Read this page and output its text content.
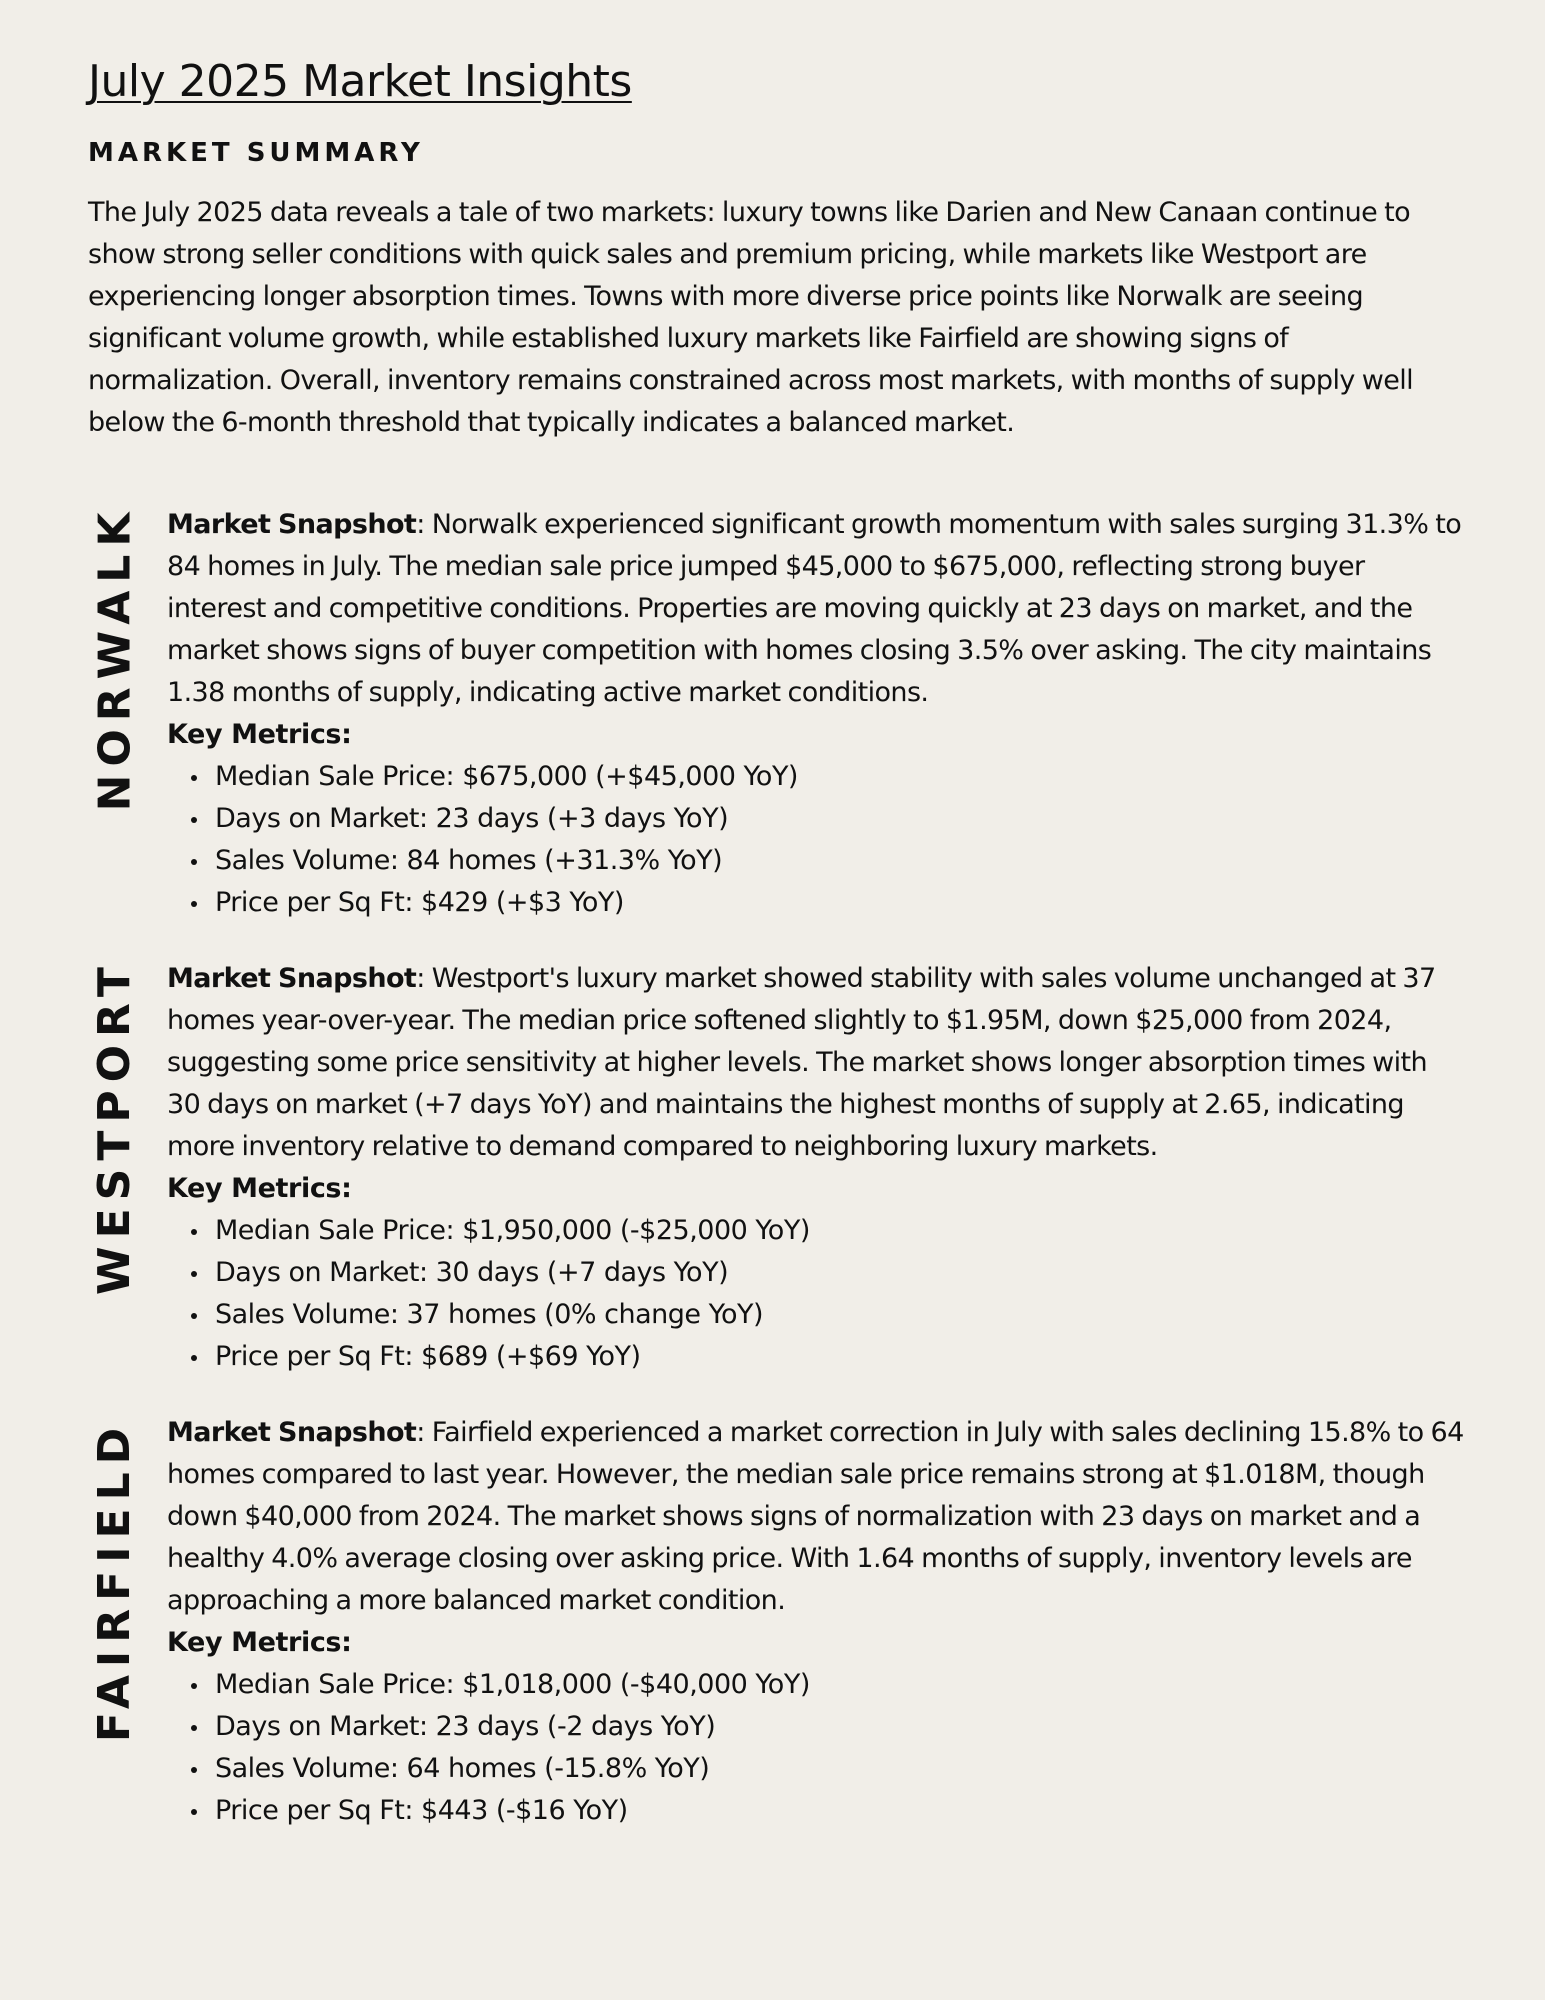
July 2025 Market Insights
MARKET SUMMARY

The July 2025 data reveals a tale of two markets: luxury towns like Darien and New Canaan continue to show strong seller conditions with quick sales and premium pricing, while markets like Westport are experiencing longer absorption times. Towns with more diverse price points like Norwalk are seeing significant volume growth, while established luxury markets like Fairfield are showing signs of normalization. Overall, inventory remains constrained across most markets, with months of supply well below the 6-month threshold that typically indicates a balanced market.

NORWALK Market Snapshot: Norwalk experienced significant growth momentum with sales surging 31.3% to 84 homes in July. The median sale price jumped $45,000 to $675,000, reflecting strong buyer interest and competitive conditions. Properties are moving quickly at 23 days on market, and the market shows signs of buyer competition with homes closing 3.5% over asking. The city maintains 1.38 months of supply, indicating active market conditions.

Key Metrics:

Median Sale Price: $675,000 (+$45,000 YoY)
Days on Market: 23 days (+3 days YoY)
Sales Volume: 84 homes (+31.3% YoY)
Price per Sq Ft: $429 (+$3 YoY)
WESTPORT Market Snapshot: Westport's luxury market showed stability with sales volume unchanged at 37 homes year-over-year. The median price softened slightly to $1.95M, down $25,000 from 2024, suggesting some price sensitivity at higher levels. The market shows longer absorption times with 30 days on market (+7 days YoY) and maintains the highest months of supply at 2.65, indicating more inventory relative to demand compared to neighboring luxury markets.

Key Metrics:

Median Sale Price: $1,950,000 (-$25,000 YoY)
Days on Market: 30 days (+7 days YoY)
Sales Volume: 37 homes (0% change YoY)
Price per Sq Ft: $689 (+$69 YoY)
FAIRFIELD Market Snapshot: Fairfield experienced a market correction in July with sales declining 15.8% to 64 homes compared to last year. However, the median sale price remains strong at $1.018M, though down $40,000 from 2024. The market shows signs of normalization with 23 days on market and a healthy 4.0% average closing over asking price. With 1.64 months of supply, inventory levels are approaching a more balanced market condition.

Key Metrics:

Median Sale Price: $1,018,000 (-$40,000 YoY)
Days on Market: 23 days (-2 days YoY)
Sales Volume: 64 homes (-15.8% YoY)
Price per Sq Ft: $443 (-$16 YoY)
